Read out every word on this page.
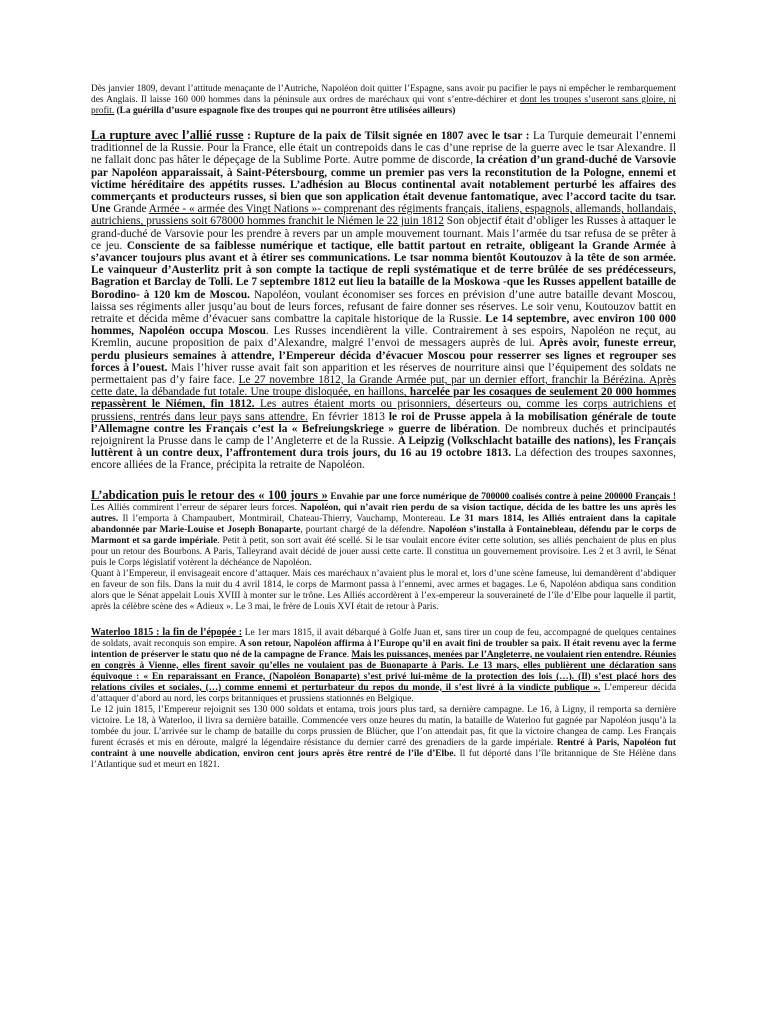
Dès janvier 1809, devant l’attitude menaçante de l’Autriche, Napoléon doit quitter l’Espagne, sans avoir pu pacifier le pays ni empêcher le rembarquement des Anglais. Il laisse 160 000 hommes dans la péninsule aux ordres de maréchaux qui vont s’entre-déchirer et dont les troupes s’useront sans gloire, ni profit. (La guérilla d’usure espagnole fixe des troupes qui ne pourront être utilisées ailleurs)

La rupture avec l’allié russe : Rupture de la paix de Tilsit signée en 1807 avec le tsar : La Turquie demeurait l’ennemi traditionnel de la Russie. Pour la France, elle était un contrepoids dans le cas d’une reprise de la guerre avec le tsar Alexandre. Il ne fallait donc pas hâter le dépeçage de la Sublime Porte. Autre pomme de discorde, la création d’un grand-duché de Varsovie par Napoléon apparaissait, à Saint-Pétersbourg, comme un premier pas vers la reconstitution de la Pologne, ennemi et victime héréditaire des appétits russes. L’adhésion au Blocus continental avait notablement perturbé les affaires des commerçants et producteurs russes, si bien que son application était devenue fantomatique, avec l’accord tacite du tsar. Une Grande Armée - « armée des Vingt Nations »- comprenant des régiments français, italiens, espagnols, allemands, hollandais, autrichiens, prussiens soit 678000 hommes franchit le Niémen le 22 juin 1812 Son objectif était d’obliger les Russes à attaquer le grand-duché de Varsovie pour les prendre à revers par un ample mouvement tournant. Mais l’armée du tsar refusa de se prêter à ce jeu. Consciente de sa faiblesse numérique et tactique, elle battit partout en retraite, obligeant la Grande Armée à s’avancer toujours plus avant et à étirer ses communications. Le tsar nomma bientôt Koutouzov à la tête de son armée. Le vainqueur d’Austerlitz prit à son compte la tactique de repli systématique et de terre brûlée de ses prédécesseurs, Bagration et Barclay de Tolli. Le 7 septembre 1812 eut lieu la bataille de la Moskowa -que les Russes appellent bataille de Borodino- à 120 km de Moscou. Napoléon, voulant économiser ses forces en prévision d’une autre bataille devant Moscou, laissa ses régiments aller jusqu’au bout de leurs forces, refusant de faire donner ses réserves. Le soir venu, Koutouzov battit en retraite et décida même d’évacuer sans combattre la capitale historique de la Russie. Le 14 septembre, avec environ 100 000 hommes, Napoléon occupa Moscou. Les Russes incendièrent la ville. Contrairement à ses espoirs, Napoléon ne reçut, au Kremlin, aucune proposition de paix d’Alexandre, malgré l’envoi de messagers auprès de lui. Après avoir, funeste erreur, perdu plusieurs semaines à attendre, l’Empereur décida d’évacuer Moscou pour resserrer ses lignes et regrouper ses forces à l’ouest. Mais l’hiver russe avait fait son apparition et les réserves de nourriture ainsi que l’équipement des soldats ne permettaient pas d’y faire face. Le 27 novembre 1812, la Grande Armée put, par un dernier effort, franchir la Bérézina. Après cette date, la débandade fut totale. Une troupe disloquée, en haillons, harcelée par les cosaques de seulement 20 000 hommes repassèrent le Niémen, fin 1812. Les autres étaient morts ou prisonniers, déserteurs ou, comme les corps autrichiens et prussiens, rentrés dans leur pays sans attendre. En février 1813 le roi de Prusse appela à la mobilisation générale de toute l’Allemagne contre les Français c’est la « Befreiungskriege » guerre de libération. De nombreux duchés et principautés rejoignirent la Prusse dans le camp de l’Angleterre et de la Russie. A Leipzig (Volkschlacht bataille des nations), les Français luttèrent à un contre deux, l’affrontement dura trois jours, du 16 au 19 octobre 1813. La défection des troupes saxonnes, encore alliées de la France, précipita la retraite de Napoléon.

L’abdication puis le retour des « 100 jours » Envahie par une force numérique de 700000 coalisés contre à peine 200000 Français ! Les Alliés commirent l’erreur de séparer leurs forces. Napoléon, qui n’avait rien perdu de sa vision tactique, décida de les battre les uns après les autres. Il l’emporta à Champaubert, Montmirail, Chateau-Thierry, Vauchamp, Montereau. Le 31 mars 1814, les Alliés entraient dans la capitale abandonnée par Marie-Louise et Joseph Bonaparte, pourtant chargé de la défendre. Napoléon s’installa à Fontainebleau, défendu par le corps de Marmont et sa garde impériale. Petit à petit, son sort avait été scellé. Si le tsar voulait encore éviter cette solution, ses alliés penchaient de plus en plus pour un retour des Bourbons. A Paris, Talleyrand avait décidé de jouer aussi cette carte. Il constitua un gouvernement provisoire. Les 2 et 3 avril, le Sénat puis le Corps législatif votèrent la déchéance de Napoléon.

Quant à l’Empereur, il envisageait encore d’attaquer. Mais ces maréchaux n’avaient plus le moral et, lors d’une scène fameuse, lui demandèrent d’abdiquer en faveur de son fils. Dans la nuit du 4 avril 1814, le corps de Marmont passa à l’ennemi, avec armes et bagages. Le 6, Napoléon abdiqua sans condition alors que le Sénat appelait Louis XVIII à monter sur le trône. Les Alliés accordèrent à l’ex-empereur la souveraineté de l’île d’Elbe pour laquelle il partit, après la célèbre scène des « Adieux ». Le 3 mai, le frère de Louis XVI était de retour à Paris.

Waterloo 1815 : la fin de l’épopée : Le 1er mars 1815, il avait débarqué à Golfe Juan et, sans tirer un coup de feu, accompagné de quelques centaines de soldats, avait reconquis son empire. A son retour, Napoléon affirma à l’Europe qu’il en avait fini de troubler sa paix. Il était revenu avec la ferme intention de préserver le statu quo né de la campagne de France. Mais les puissances, menées par l’Angleterre, ne voulaient rien entendre. Réunies en congrès à Vienne, elles firent savoir qu’elles ne voulaient pas de Buonaparte à Paris. Le 13 mars, elles publièrent une déclaration sans équivoque : « En reparaissant en France, (Napoléon Bonaparte) s’est privé lui-même de la protection des lois (…). (Il) s’est placé hors des relations civiles et sociales, (…) comme ennemi et perturbateur du repos du monde, il s’est livré à la vindicte publique ». L’empereur décida d’attaquer d’abord au nord, les corps britanniques et prussiens stationnés en Belgique.

Le 12 juin 1815, l’Empereur rejoignit ses 130 000 soldats et entama, trois jours plus tard, sa dernière campagne. Le 16, à Ligny, il remporta sa dernière victoire. Le 18, à Waterloo, il livra sa dernière bataille. Commencée vers onze heures du matin, la bataille de Waterloo fut gagnée par Napoléon jusqu’à la tombée du jour. L’arrivée sur le champ de bataille du corps prussien de Blücher, que l’on attendait pas, fit que la victoire changea de camp. Les Français furent écrasés et mis en déroute, malgré la légendaire résistance du dernier carré des grenadiers de la garde impériale. Rentré à Paris, Napoléon fut contraint à une nouvelle abdication, environ cent jours après être rentré de l’île d’Elbe. Il fut déporté dans l’île britannique de Ste Hélène dans l’Atlantique sud et meurt en 1821.
